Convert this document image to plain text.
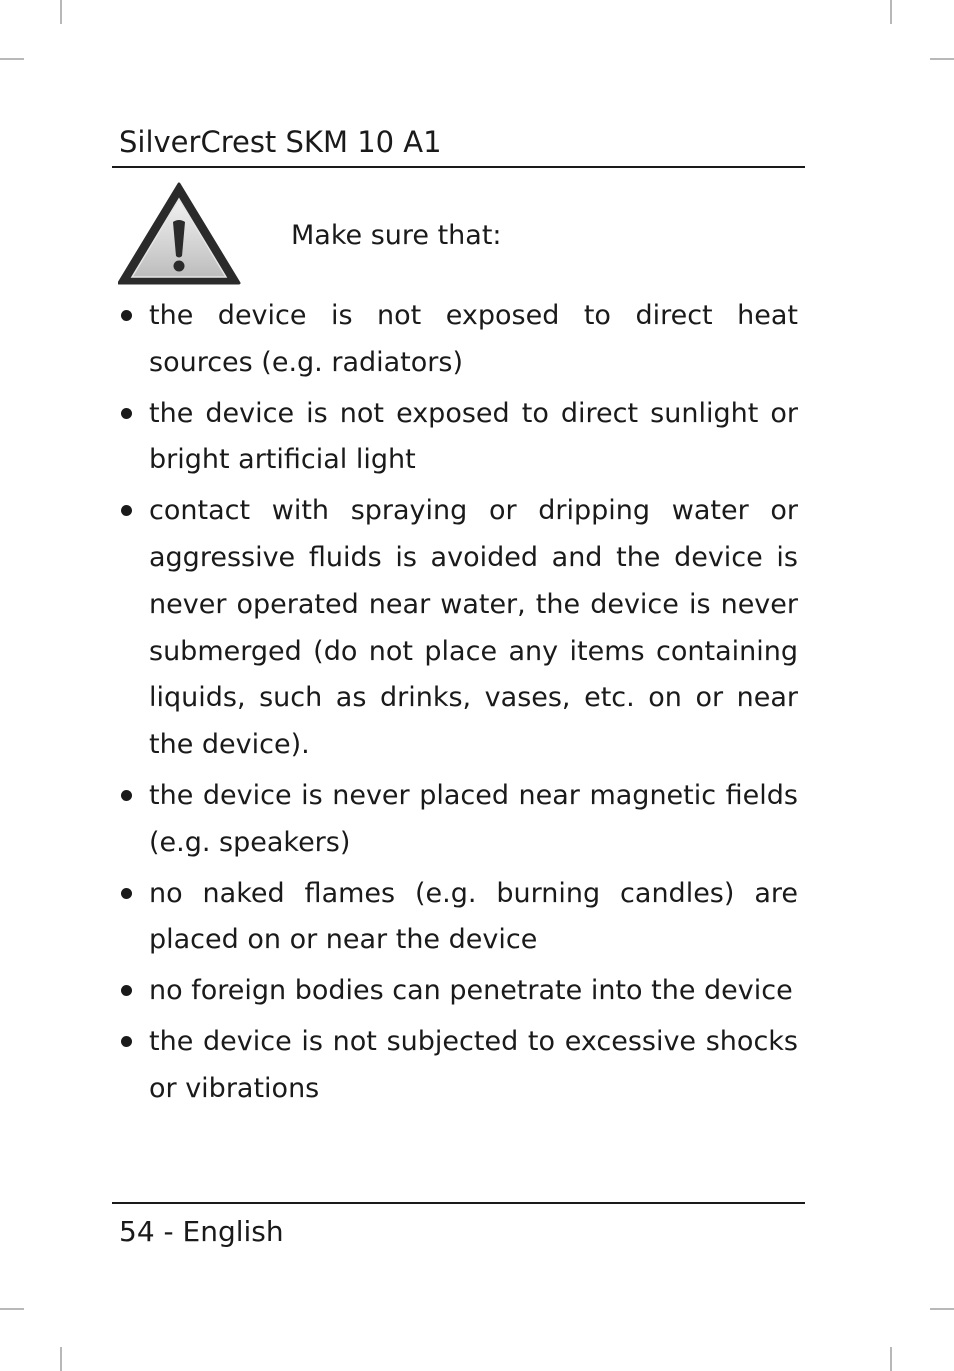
SilverCrest SKM 10 A1
Make sure that:
the device is not exposed to direct heat sources (e.g. radiators)
the device is not exposed to direct sunlight or bright artificial light
contact with spraying or dripping water or aggressive fluids is avoided and the device is never operated near water, the device is never submerged (do not place any items containing liquids, such as drinks, vases, etc. on or near the device).
the device is never placed near magnetic fields (e.g. speakers)
no naked flames (e.g. burning candles) are placed on or near the device
no foreign bodies can penetrate into the device
the device is not subjected to excessive shocks or vibrations
54 - English
